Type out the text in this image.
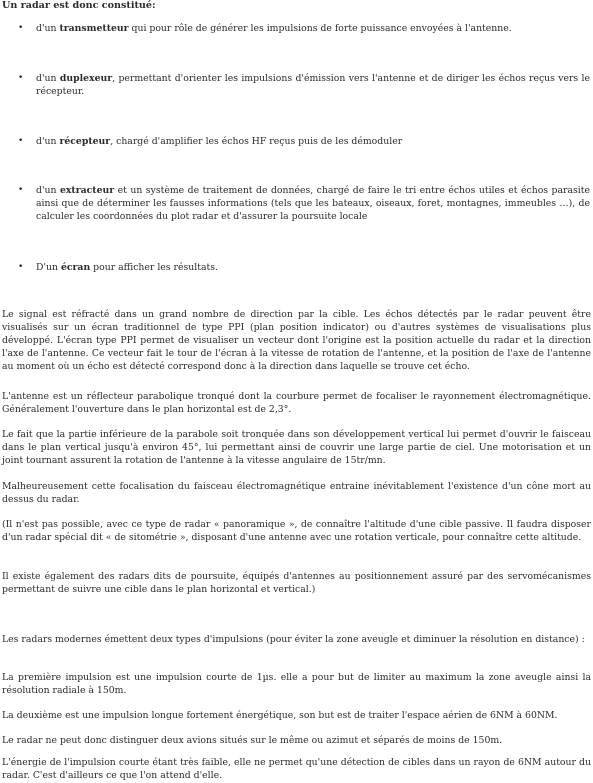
Un radar est donc constitué:

• d'un transmetteur qui pour rôle de générer les impulsions de forte puissance envoyées à l'antenne.
• d'un duplexeur, permettant d'orienter les impulsions d'émission vers l'antenne et de diriger les échos reçus vers le récepteur.
• d'un récepteur, chargé d'amplifier les échos HF reçus puis de les démoduler
• d'un extracteur et un système de traitement de données, chargé de faire le tri entre échos utiles et échos parasite ainsi que de déterminer les fausses informations (tels que les bateaux, oiseaux, foret, montagnes, immeubles …), de calculer les coordonnées du plot radar et d'assurer la poursuite locale
• D'un écran pour afficher les résultats.

Le signal est réfracté dans un grand nombre de direction par la cible. Les échos détectés par le radar peuvent être visualisés sur un écran traditionnel de type PPI (plan position indicator) ou d'autres systèmes de visualisations plus développé. L'écran type PPI permet de visualiser un vecteur dont l'origine est la position actuelle du radar et la direction l'axe de l'antenne. Ce vecteur fait le tour de l'écran à la vitesse de rotation de l'antenne, et la position de l'axe de l'antenne au moment où un écho est détecté correspond donc à la direction dans laquelle se trouve cet écho.

L'antenne est un réflecteur parabolique tronqué dont la courbure permet de focaliser le rayonnement électromagnétique. Généralement l'ouverture dans le plan horizontal est de 2,3°.

Le fait que la partie inférieure de la parabole soit tronquée dans son développement vertical lui permet d'ouvrir le faisceau dans le plan vertical jusqu'à environ 45°, lui permettant ainsi de couvrir une large partie de ciel. Une motorisation et un joint tournant assurent la rotation de l'antenne à la vitesse angulaire de 15tr/mn.

Malheureusement cette focalisation du faisceau électromagnétique entraine inévitablement l'existence d'un cône mort au dessus du radar.

(Il n'est pas possible, avec ce type de radar « panoramique », de connaître l'altitude d'une cible passive. Il faudra disposer d'un radar spécial dit « de sitométrie », disposant d'une antenne avec une rotation verticale, pour connaître cette altitude.

Il existe également des radars dits de poursuite, équipés d'antennes au positionnement assuré par des servomécanismes permettant de suivre une cible dans le plan horizontal et vertical.)

Les radars modernes émettent deux types d'impulsions (pour éviter la zone aveugle et diminuer la résolution en distance) :

La première impulsion est une impulsion courte de 1µs. elle a pour but de limiter au maximum la zone aveugle ainsi la résolution radiale à 150m.

La deuxième est une impulsion longue fortement énergétique, son but est de traiter l'espace aérien de 6NM à 60NM.

Le radar ne peut donc distinguer deux avions situés sur le même ou azimut et séparés de moins de 150m.

L'énergie de l'impulsion courte étant très faible, elle ne permet qu'une détection de cibles dans un rayon de 6NM autour du radar. C'est d'ailleurs ce que l'on attend d'elle.
